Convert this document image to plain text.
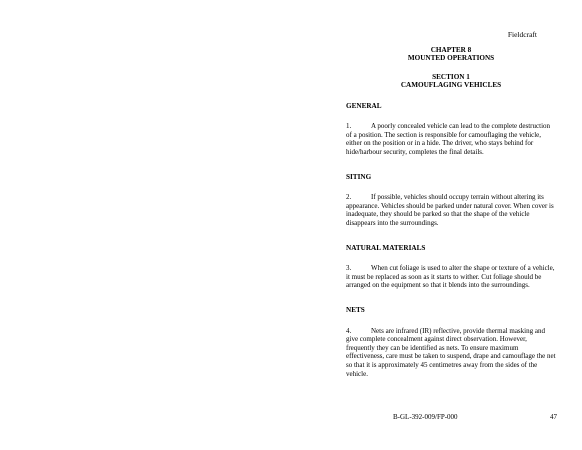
Fieldcraft
CHAPTER 8
MOUNTED OPERATIONS
SECTION 1
CAMOUFLAGING VEHICLES
GENERAL

1.	A poorly concealed vehicle can lead to the complete destruction of a position. The section is responsible for camouflaging the vehicle, either on the position or in a hide. The driver, who stays behind for hide/harbour security, completes the final details.

SITING

2.	If possible, vehicles should occupy terrain without altering its appearance. Vehicles should be parked under natural cover. When cover is inadequate, they should be parked so that the shape of the vehicle disappears into the surroundings.

NATURAL MATERIALS

3.	When cut foliage is used to alter the shape or texture of a vehicle, it must be replaced as soon as it starts to wither. Cut foliage should be arranged on the equipment so that it blends into the surroundings.

NETS

4.	Nets are infrared (IR) reflective, provide thermal masking and give complete concealment against direct observation. However, frequently they can be identified as nets. To ensure maximum effectiveness, care must be taken to suspend, drape and camouflage the net so that it is approximately 45 centimetres away from the sides of the vehicle.

B-GL-392-009/FP-000	47
